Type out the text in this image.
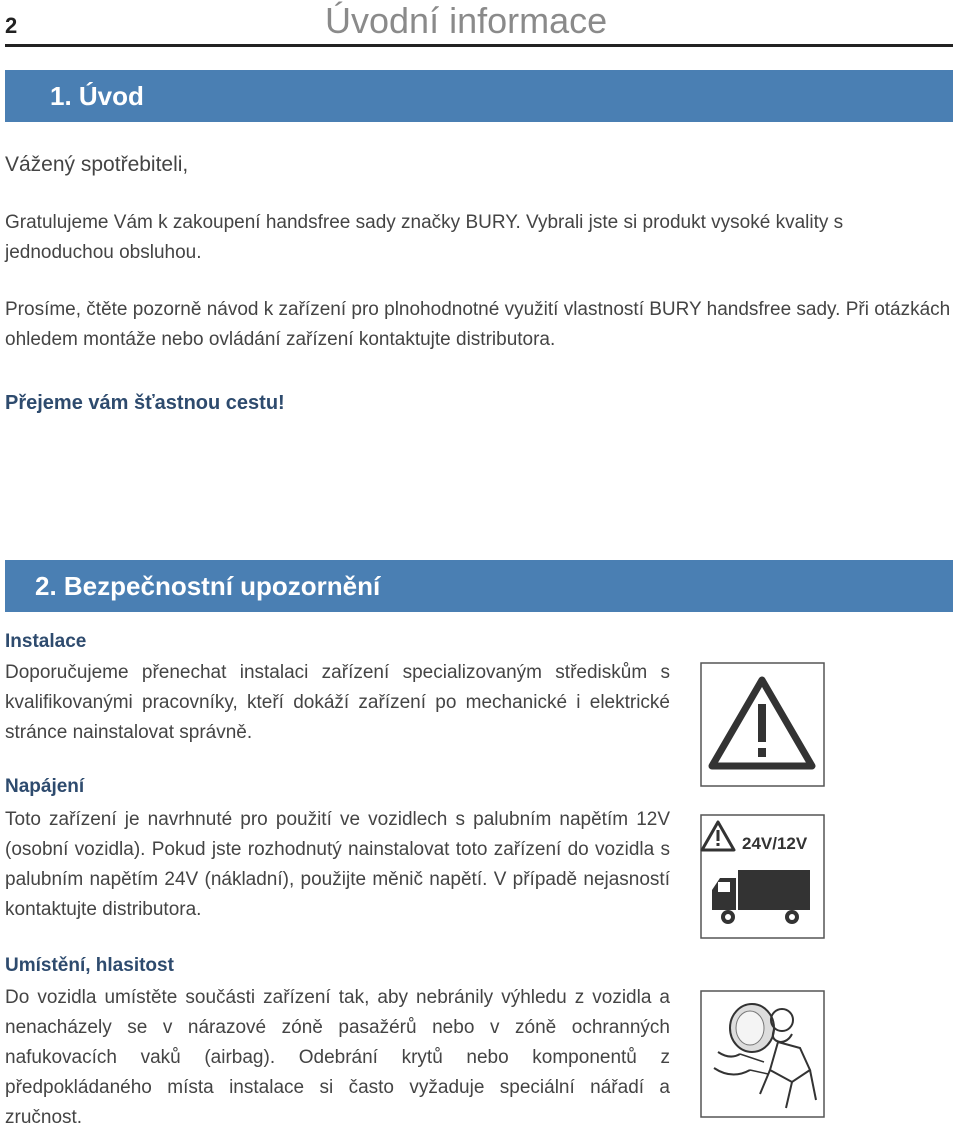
2	Úvodní informace
1. Úvod
Vážený spotřebiteli,
Gratulujeme Vám k zakoupení handsfree sady značky BURY. Vybrali jste si produkt vysoké kvality s jednoduchou obsluhou.
Prosíme, čtěte pozorně návod k zařízení pro plnohodnotné využití vlastností BURY handsfree sady. Při otázkách ohledem montáže nebo ovládání zařízení kontaktujte distributora.
Přejeme vám šťastnou cestu!
2. Bezpečnostní upozornění
Instalace
Doporučujeme přenechat instalaci zařízení specializovaným střediskům s kvalifikovanými pracovníky, kteří dokáží zařízení po mechanické i elektrické stránce nainstalovat správně.
Napájení
Toto zařízení je navrhnuté pro použití ve vozidlech s palubním napětím 12V (osobní vozidla). Pokud jste rozhodnutý nainstalovat toto zařízení do vozidla s palubním napětím 24V (nákladní), použijte měnič napětí. V případě nejasností kontaktujte distributora.
Umístění, hlasitost
Do vozidla umístěte součásti zařízení tak, aby nebránily výhledu z vozidla a nenacházely se v nárazové zóně pasažérů nebo v zóně ochranných nafukovacích vaků (airbag). Odebrání krytů nebo komponentů z předpokládaného místa instalace si často vyžaduje speciální nářadí a zručnost.
24V/12V
